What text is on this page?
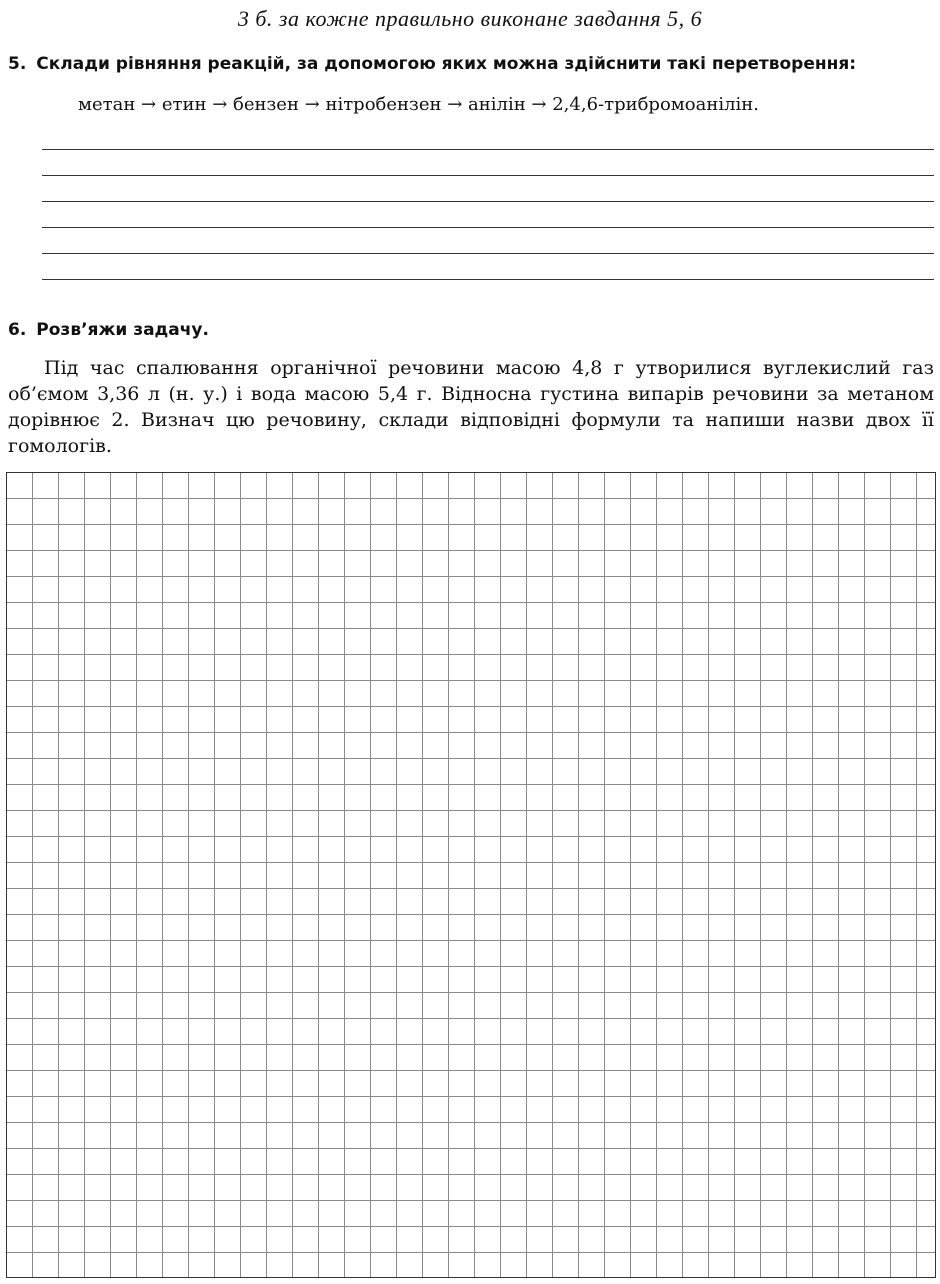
3 б. за кожне правильно виконане завдання 5, 6
5. Склади рівняння реакцій, за допомогою яких можна здійснити такі перетворення:
метан → етин → бензен → нітробензен → анілін → 2,4,6-трибромоанілін.
6. Розв’яжи задачу.
Під час спалювання органічної речовини масою 4,8 г утворилися вуглекислий газ об’ємом 3,36 л (н. у.) і вода масою 5,4 г. Відносна густина випарів речовини за метаном дорівнює 2. Визнач цю речовину, склади відповідні формули та напиши назви двох її гомологів.
